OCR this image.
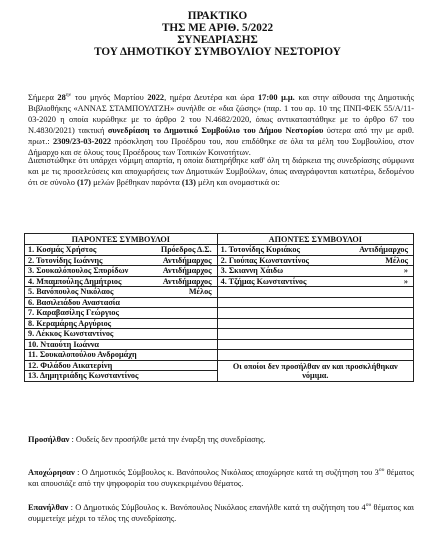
ΠΡΑΚΤΙΚΟ
ΤΗΣ ΜΕ ΑΡΙΘ. 5/2022
ΣΥΝΕΔΡΙΑΣΗΣ
ΤΟΥ ΔΗΜΟΤΙΚΟΥ ΣΥΜΒΟΥΛΙΟΥ ΝΕΣΤΟΡΙΟΥ
Σήμερα $28^{\eta\nu}$ του μηνός Μαρτίου 2022, ημέρα Δευτέρα και ώρα 17:00 μ.μ. και στην αίθουσα της Δημοτικής Βιβλιοθήκης «ΑΝΝΑΣ ΣΤΑΜΠΟΥΛΤΖΗ» συνήλθε σε «δια ζώσης» (παρ. 1 του αρ. 10 της ΠΝΠ-ΦΕΚ 55/Α/11-03-2020 η οποία κυρώθηκε με το άρθρο 2 του Ν.4682/2020, όπως αντικαταστάθηκε με το άρθρο 67 του Ν.4830/2021) τακτική συνεδρίαση το Δημοτικό Συμβούλιο του Δήμου Νεστορίου ύστερα από την με αριθ. πρωτ.: 2309/23-03-2022 πρόσκληση του Προέδρου του, που επιδόθηκε σε όλα τα μέλη του Συμβουλίου, στον Δήμαρχο και σε όλους τους Προέδρους των Τοπικών Κοινοτήτων.
Διαπιστώθηκε ότι υπάρχει νόμιμη απαρτία, η οποία διατηρήθηκε καθ' όλη τη διάρκεια της συνεδρίασης σύμφωνα και με τις προσελεύσεις και αποχωρήσεις των Δημοτικών Συμβούλων, όπως αναγράφονται κατωτέρω, δεδομένου ότι σε σύνολο (17) μελών βρέθηκαν παρόντα (13) μέλη και ονομαστικά οι:
ΠΑΡΟΝΤΕΣ ΣΥΜΒΟΥΛΟΙ	ΑΠΟΝΤΕΣ ΣΥΜΒΟΥΛΟΙ

1. Κοσμάς Χρήστος Πρόεδρος Δ.Σ.	1. Τοτονίδης Κυριάκος Αντιδήμαρχος

2. Τοτονίδης Ιωάννης Αντιδήμαρχος	2. Γιούπας Κωνσταντίνος Μέλος

3. Σουκαλόπουλος Σπυρίδων Αντιδήμαρχος	3. Σκιαννη Χάιδω »

4. Μπαμπούλης Δημήτριος Αντιδήμαρχος	4. Τζήμας Κωνσταντίνος »

5. Βανόπουλος Νικόλαος Μέλος	

6. Βασιλειάδου Αναστασία	

7. Καραβασίλης Γεώργιος	

8. Κεραμάρης Αργύριος	

9. Λέκκος Κωνσταντίνος	

10. Νταούτη Ιωάννα	

11. Σουκαλοπούλου Ανδρομάχη	

12. Φιλάδου Αικατερίνη	Οι οποίοι δεν προσήλθαν αν και προσκλήθηκαν νόμιμα.

13. Δημητριάδης Κωνσταντίνος	
Προσήλθαν : Ουδείς δεν προσήλθε μετά την έναρξη της συνεδρίασης.
Αποχώρησαν : Ο Δημοτικός Σύμβουλος κ. Βανόπουλος Νικόλαος αποχώρησε κατά τη συζήτηση του $3^{o\upsilon}$ θέματος και απουσιάζε από την ψηφοφορία του συγκεκριμένου θέματος.
Επανήλθαν : Ο Δημοτικός Σύμβουλος κ. Βανόπουλος Νικόλαος επανήλθε κατά τη συζήτηση του $4^{o\upsilon}$ θέματος και συμμετείχε μέχρι το τέλος της συνεδρίασης.
